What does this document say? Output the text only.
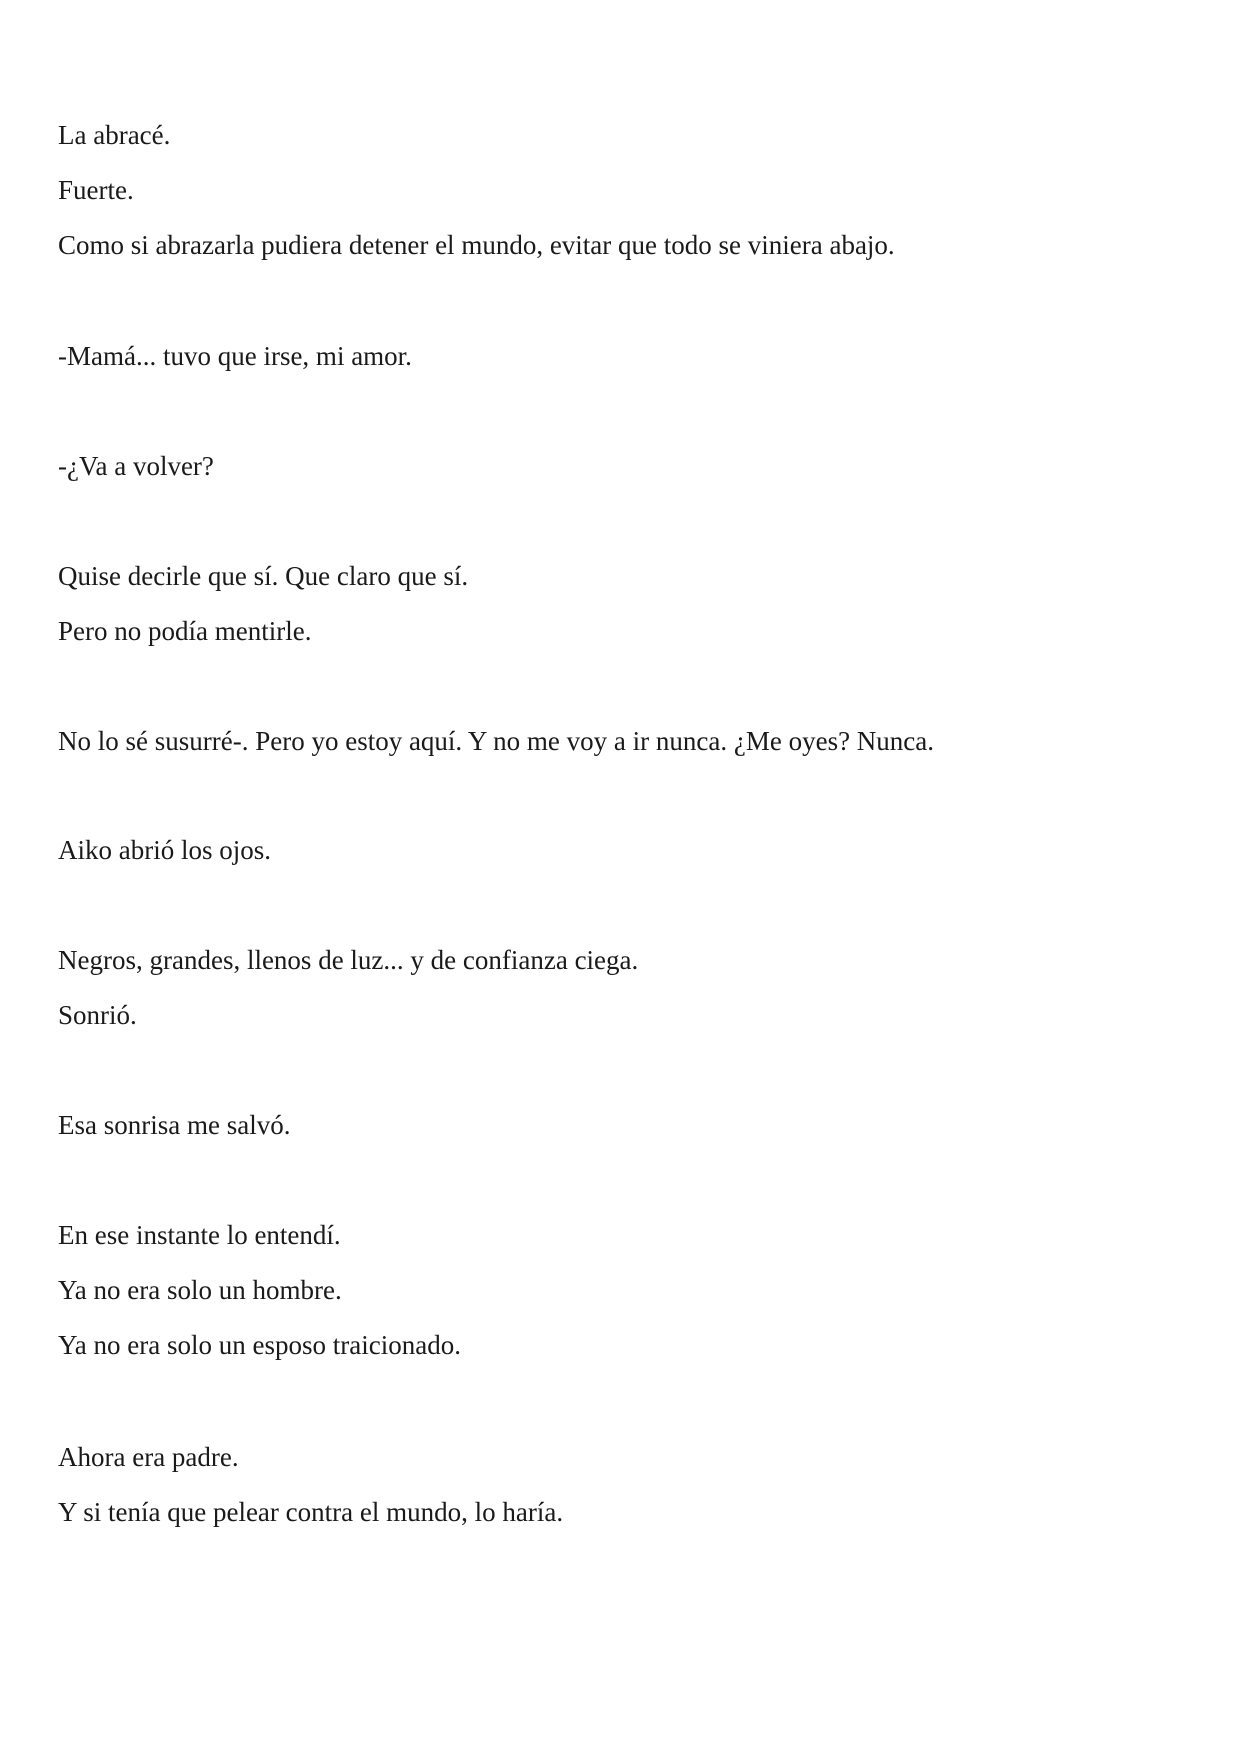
La abracé.

Fuerte.

Como si abrazarla pudiera detener el mundo, evitar que todo se viniera abajo.

-Mamá... tuvo que irse, mi amor.

-¿Va a volver?

Quise decirle que sí. Que claro que sí.

Pero no podía mentirle.

No lo sé susurré-. Pero yo estoy aquí. Y no me voy a ir nunca. ¿Me oyes? Nunca.

Aiko abrió los ojos.

Negros, grandes, llenos de luz... y de confianza ciega.

Sonrió.

Esa sonrisa me salvó.

En ese instante lo entendí.

Ya no era solo un hombre.

Ya no era solo un esposo traicionado.

Ahora era padre.

Y si tenía que pelear contra el mundo, lo haría.
